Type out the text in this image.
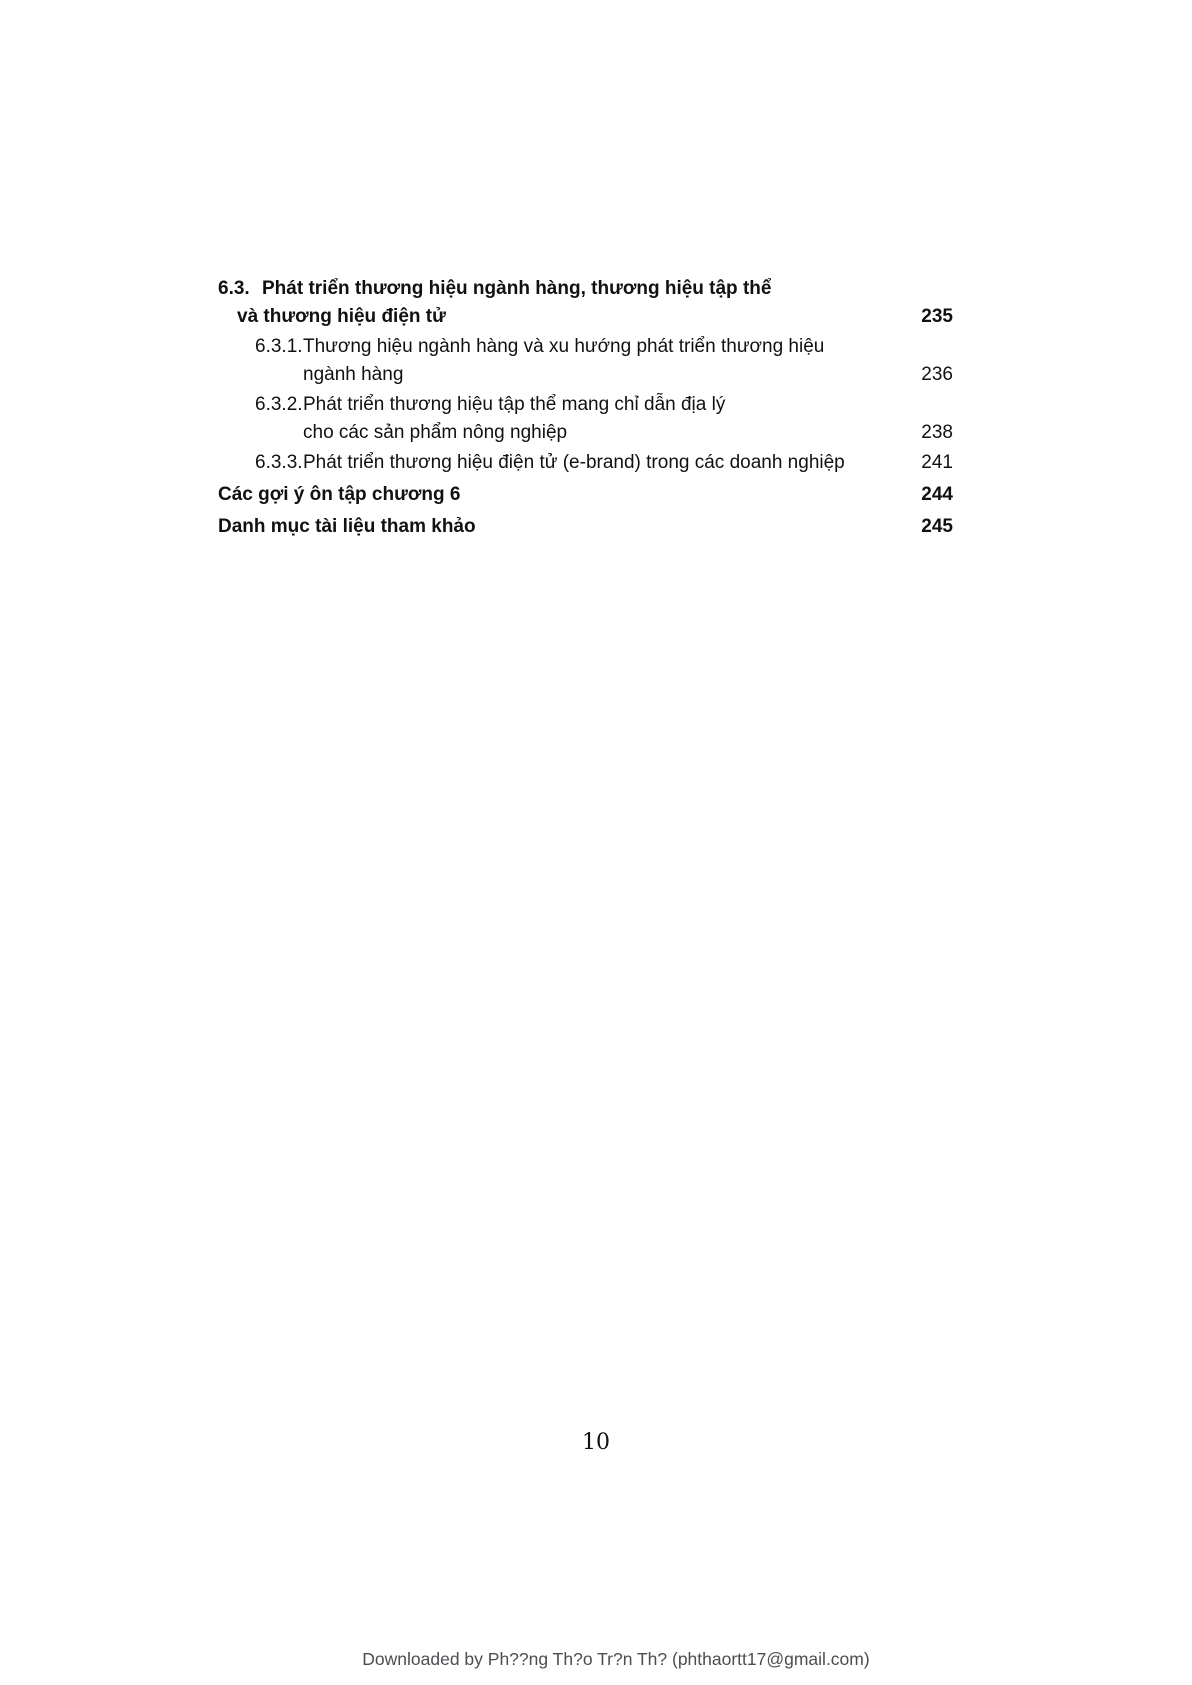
6.3. Phát triển thương hiệu ngành hàng, thương hiệu tập thể
và thương hiệu điện tử	235
6.3.1.Thương hiệu ngành hàng và xu hướng phát triển thương hiệu
ngành hàng	236
6.3.2.Phát triển thương hiệu tập thể mang chỉ dẫn địa lý
cho các sản phẩm nông nghiệp	238
6.3.3.Phát triển thương hiệu điện tử (e-brand) trong các doanh nghiệp	241
Các gợi ý ôn tập chương 6	244
Danh mục tài liệu tham khảo	245
10
Downloaded by Ph??ng Th?o Tr?n Th? (phthaortt17@gmail.com)
